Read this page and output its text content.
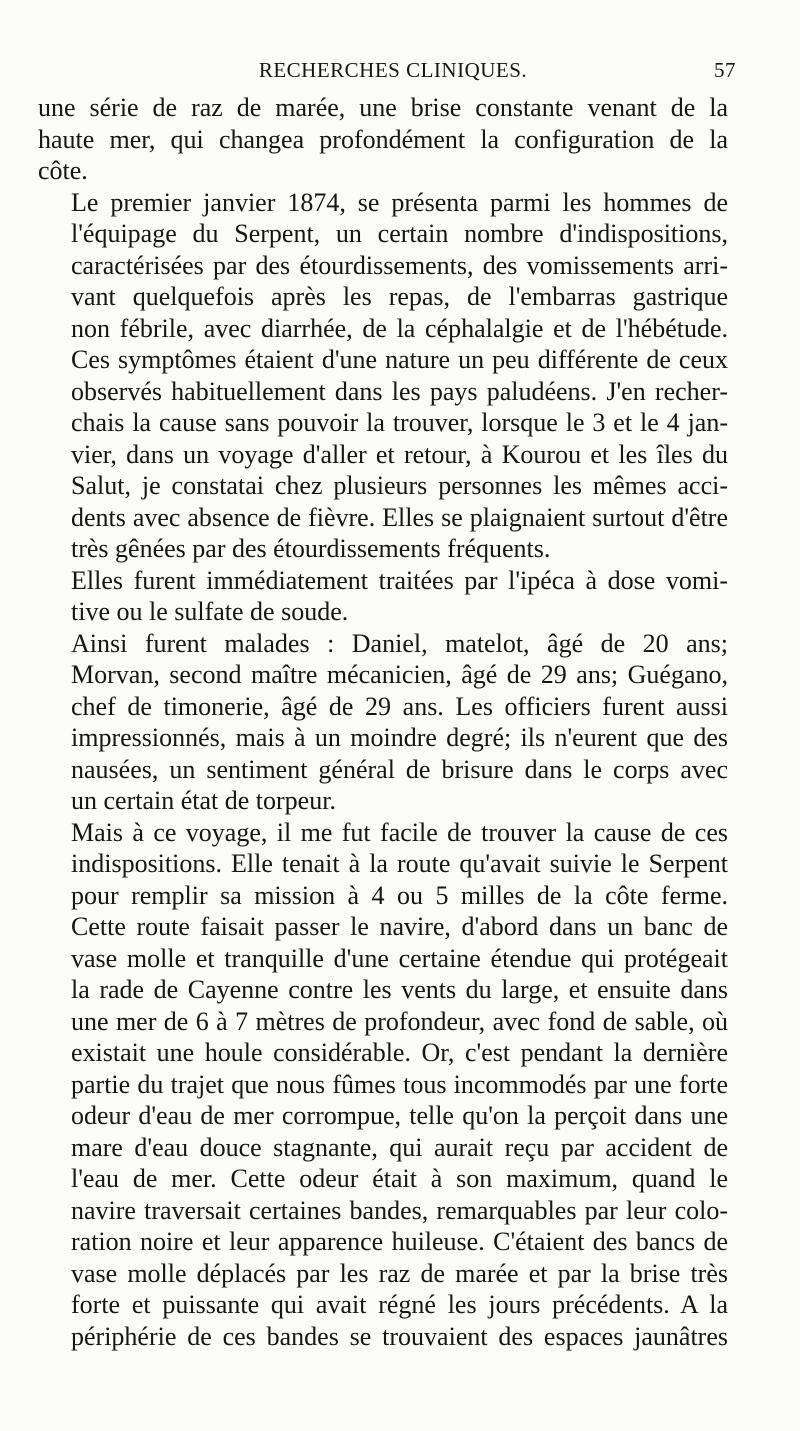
RECHERCHES CLINIQUES.	57

une série de raz de marée, une brise constante venant de la
haute mer, qui changea profondément la configuration de la
côte.

Le premier janvier 1874, se présenta parmi les hommes de
l'équipage du Serpent, un certain nombre d'indispositions,
caractérisées par des étourdissements, des vomissements arri-
vant quelquefois après les repas, de l'embarras gastrique
non fébrile, avec diarrhée, de la céphalalgie et de l'hébétude.
Ces symptômes étaient d'une nature un peu différente de ceux
observés habituellement dans les pays paludéens. J'en recher-
chais la cause sans pouvoir la trouver, lorsque le 3 et le 4 jan-
vier, dans un voyage d'aller et retour, à Kourou et les îles du
Salut, je constatai chez plusieurs personnes les mêmes acci-
dents avec absence de fièvre. Elles se plaignaient surtout d'être
très gênées par des étourdissements fréquents.

Elles furent immédiatement traitées par l'ipéca à dose vomi-
tive ou le sulfate de soude.

Ainsi furent malades : Daniel, matelot, âgé de 20 ans;
Morvan, second maître mécanicien, âgé de 29 ans; Guégano,
chef de timonerie, âgé de 29 ans. Les officiers furent aussi
impressionnés, mais à un moindre degré; ils n'eurent que des
nausées, un sentiment général de brisure dans le corps avec
un certain état de torpeur.

Mais à ce voyage, il me fut facile de trouver la cause de ces
indispositions. Elle tenait à la route qu'avait suivie le Serpent
pour remplir sa mission à 4 ou 5 milles de la côte ferme.
Cette route faisait passer le navire, d'abord dans un banc de
vase molle et tranquille d'une certaine étendue qui protégeait
la rade de Cayenne contre les vents du large, et ensuite dans
une mer de 6 à 7 mètres de profondeur, avec fond de sable, où
existait une houle considérable. Or, c'est pendant la dernière
partie du trajet que nous fûmes tous incommodés par une forte
odeur d'eau de mer corrompue, telle qu'on la perçoit dans une
mare d'eau douce stagnante, qui aurait reçu par accident de
l'eau de mer. Cette odeur était à son maximum, quand le
navire traversait certaines bandes, remarquables par leur colo-
ration noire et leur apparence huileuse. C'étaient des bancs de
vase molle déplacés par les raz de marée et par la brise très
forte et puissante qui avait régné les jours précédents. A la
périphérie de ces bandes se trouvaient des espaces jaunâtres
